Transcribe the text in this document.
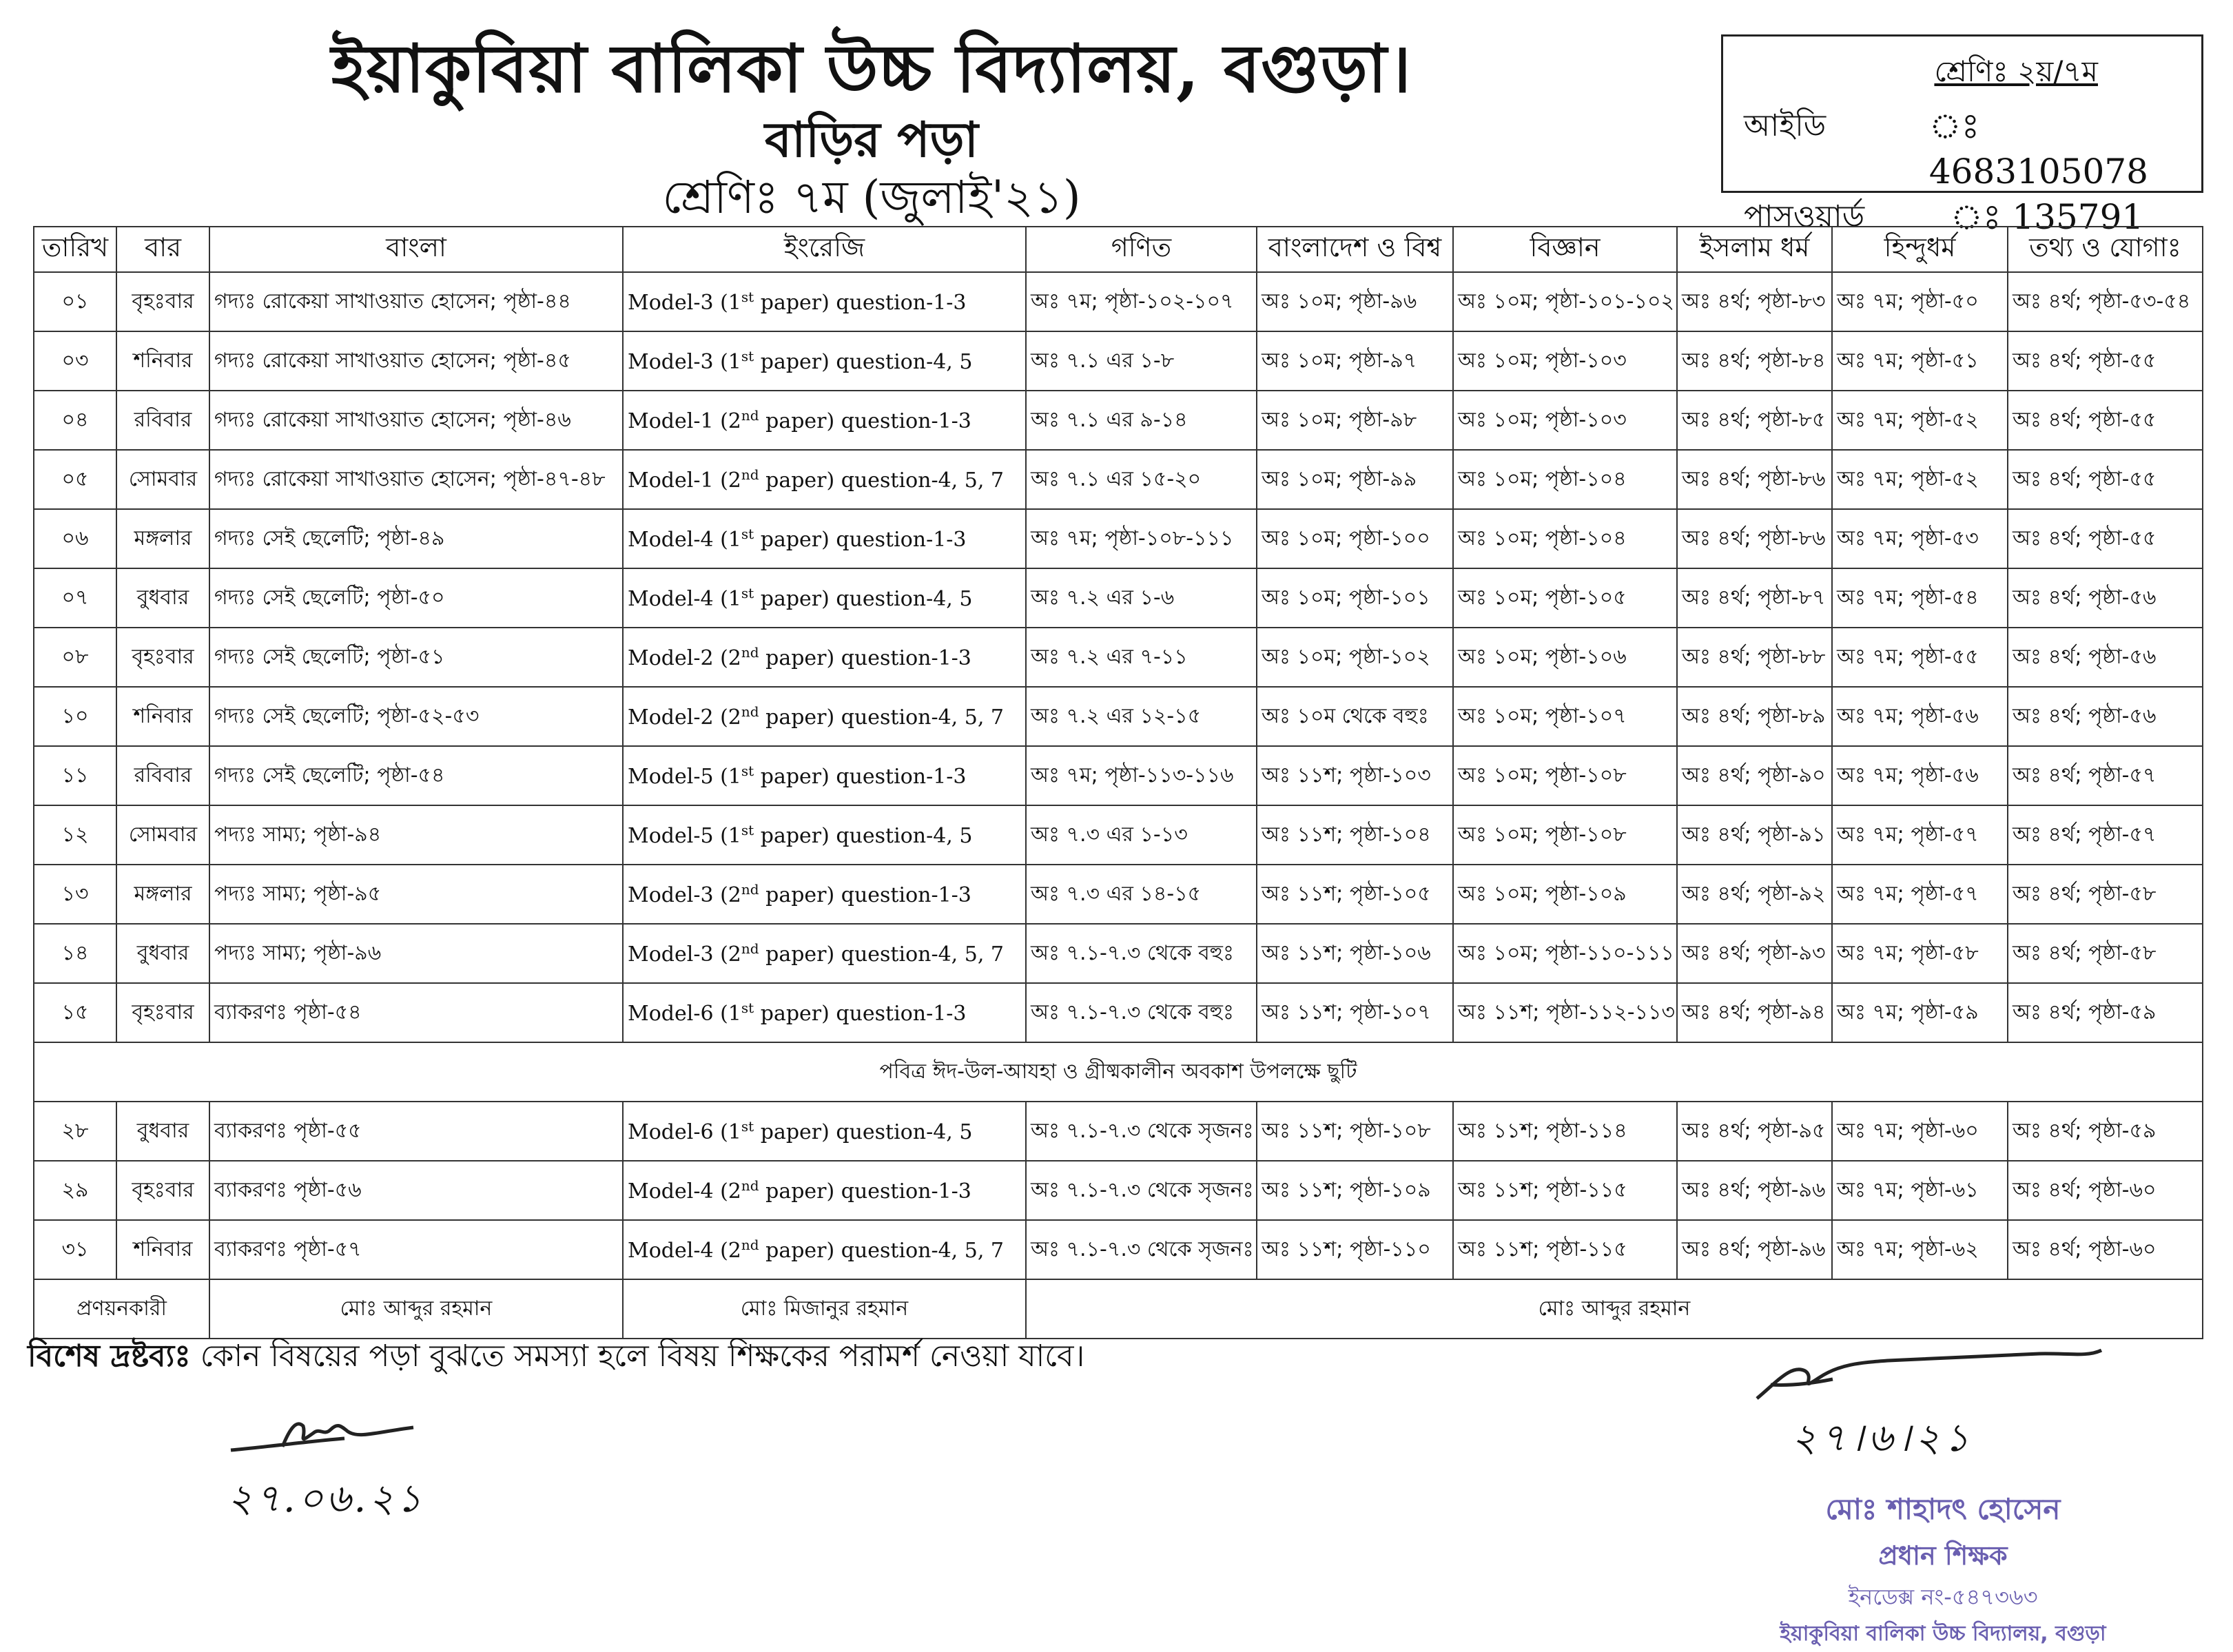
ইয়াকুবিয়া বালিকা উচ্চ বিদ্যালয়, বগুড়া।
বাড়ির পড়া
শ্রেণিঃ ৭ম (জুলাই'২১)
শ্রেণিঃ ২য়/৭ম
আইডি	ঃ 4683105078
পাসওয়ার্ড	ঃ 135791
তারিখ	বার	বাংলা	ইংরেজি	গণিত	বাংলাদেশ ও বিশ্ব	বিজ্ঞান	ইসলাম ধর্ম	হিন্দুধর্ম	তথ্য ও যোগাঃ
০১	বৃহঃবার	গদ্যঃ রোকেয়া সাখাওয়াত হোসেন; পৃষ্ঠা-৪৪	Model-3 (1st paper) question-1-3	অঃ ৭ম; পৃষ্ঠা-১০২-১০৭	অঃ ১০ম; পৃষ্ঠা-৯৬	অঃ ১০ম; পৃষ্ঠা-১০১-১০২	অঃ ৪র্থ; পৃষ্ঠা-৮৩	অঃ ৭ম; পৃষ্ঠা-৫০	অঃ ৪র্থ; পৃষ্ঠা-৫৩-৫৪
০৩	শনিবার	গদ্যঃ রোকেয়া সাখাওয়াত হোসেন; পৃষ্ঠা-৪৫	Model-3 (1st paper) question-4, 5	অঃ ৭.১ এর ১-৮	অঃ ১০ম; পৃষ্ঠা-৯৭	অঃ ১০ম; পৃষ্ঠা-১০৩	অঃ ৪র্থ; পৃষ্ঠা-৮৪	অঃ ৭ম; পৃষ্ঠা-৫১	অঃ ৪র্থ; পৃষ্ঠা-৫৫
০৪	রবিবার	গদ্যঃ রোকেয়া সাখাওয়াত হোসেন; পৃষ্ঠা-৪৬	Model-1 (2nd paper) question-1-3	অঃ ৭.১ এর ৯-১৪	অঃ ১০ম; পৃষ্ঠা-৯৮	অঃ ১০ম; পৃষ্ঠা-১০৩	অঃ ৪র্থ; পৃষ্ঠা-৮৫	অঃ ৭ম; পৃষ্ঠা-৫২	অঃ ৪র্থ; পৃষ্ঠা-৫৫
০৫	সোমবার	গদ্যঃ রোকেয়া সাখাওয়াত হোসেন; পৃষ্ঠা-৪৭-৪৮	Model-1 (2nd paper) question-4, 5, 7	অঃ ৭.১ এর ১৫-২০	অঃ ১০ম; পৃষ্ঠা-৯৯	অঃ ১০ম; পৃষ্ঠা-১০৪	অঃ ৪র্থ; পৃষ্ঠা-৮৬	অঃ ৭ম; পৃষ্ঠা-৫২	অঃ ৪র্থ; পৃষ্ঠা-৫৫
০৬	মঙ্গলার	গদ্যঃ সেই ছেলেটি; পৃষ্ঠা-৪৯	Model-4 (1st paper) question-1-3	অঃ ৭ম; পৃষ্ঠা-১০৮-১১১	অঃ ১০ম; পৃষ্ঠা-১০০	অঃ ১০ম; পৃষ্ঠা-১০৪	অঃ ৪র্থ; পৃষ্ঠা-৮৬	অঃ ৭ম; পৃষ্ঠা-৫৩	অঃ ৪র্থ; পৃষ্ঠা-৫৫
০৭	বুধবার	গদ্যঃ সেই ছেলেটি; পৃষ্ঠা-৫০	Model-4 (1st paper) question-4, 5	অঃ ৭.২ এর ১-৬	অঃ ১০ম; পৃষ্ঠা-১০১	অঃ ১০ম; পৃষ্ঠা-১০৫	অঃ ৪র্থ; পৃষ্ঠা-৮৭	অঃ ৭ম; পৃষ্ঠা-৫৪	অঃ ৪র্থ; পৃষ্ঠা-৫৬
০৮	বৃহঃবার	গদ্যঃ সেই ছেলেটি; পৃষ্ঠা-৫১	Model-2 (2nd paper) question-1-3	অঃ ৭.২ এর ৭-১১	অঃ ১০ম; পৃষ্ঠা-১০২	অঃ ১০ম; পৃষ্ঠা-১০৬	অঃ ৪র্থ; পৃষ্ঠা-৮৮	অঃ ৭ম; পৃষ্ঠা-৫৫	অঃ ৪র্থ; পৃষ্ঠা-৫৬
১০	শনিবার	গদ্যঃ সেই ছেলেটি; পৃষ্ঠা-৫২-৫৩	Model-2 (2nd paper) question-4, 5, 7	অঃ ৭.২ এর ১২-১৫	অঃ ১০ম থেকে বহুঃ	অঃ ১০ম; পৃষ্ঠা-১০৭	অঃ ৪র্থ; পৃষ্ঠা-৮৯	অঃ ৭ম; পৃষ্ঠা-৫৬	অঃ ৪র্থ; পৃষ্ঠা-৫৬
১১	রবিবার	গদ্যঃ সেই ছেলেটি; পৃষ্ঠা-৫৪	Model-5 (1st paper) question-1-3	অঃ ৭ম; পৃষ্ঠা-১১৩-১১৬	অঃ ১১শ; পৃষ্ঠা-১০৩	অঃ ১০ম; পৃষ্ঠা-১০৮	অঃ ৪র্থ; পৃষ্ঠা-৯০	অঃ ৭ম; পৃষ্ঠা-৫৬	অঃ ৪র্থ; পৃষ্ঠা-৫৭
১২	সোমবার	পদ্যঃ সাম্য; পৃষ্ঠা-৯৪	Model-5 (1st paper) question-4, 5	অঃ ৭.৩ এর ১-১৩	অঃ ১১শ; পৃষ্ঠা-১০৪	অঃ ১০ম; পৃষ্ঠা-১০৮	অঃ ৪র্থ; পৃষ্ঠা-৯১	অঃ ৭ম; পৃষ্ঠা-৫৭	অঃ ৪র্থ; পৃষ্ঠা-৫৭
১৩	মঙ্গলার	পদ্যঃ সাম্য; পৃষ্ঠা-৯৫	Model-3 (2nd paper) question-1-3	অঃ ৭.৩ এর ১৪-১৫	অঃ ১১শ; পৃষ্ঠা-১০৫	অঃ ১০ম; পৃষ্ঠা-১০৯	অঃ ৪র্থ; পৃষ্ঠা-৯২	অঃ ৭ম; পৃষ্ঠা-৫৭	অঃ ৪র্থ; পৃষ্ঠা-৫৮
১৪	বুধবার	পদ্যঃ সাম্য; পৃষ্ঠা-৯৬	Model-3 (2nd paper) question-4, 5, 7	অঃ ৭.১-৭.৩ থেকে বহুঃ	অঃ ১১শ; পৃষ্ঠা-১০৬	অঃ ১০ম; পৃষ্ঠা-১১০-১১১	অঃ ৪র্থ; পৃষ্ঠা-৯৩	অঃ ৭ম; পৃষ্ঠা-৫৮	অঃ ৪র্থ; পৃষ্ঠা-৫৮
১৫	বৃহঃবার	ব্যাকরণঃ পৃষ্ঠা-৫৪	Model-6 (1st paper) question-1-3	অঃ ৭.১-৭.৩ থেকে বহুঃ	অঃ ১১শ; পৃষ্ঠা-১০৭	অঃ ১১শ; পৃষ্ঠা-১১২-১১৩	অঃ ৪র্থ; পৃষ্ঠা-৯৪	অঃ ৭ম; পৃষ্ঠা-৫৯	অঃ ৪র্থ; পৃষ্ঠা-৫৯
পবিত্র ঈদ-উল-আযহা ও গ্রীষ্মকালীন অবকাশ উপলক্ষে ছুটি									
২৮	বুধবার	ব্যাকরণঃ পৃষ্ঠা-৫৫	Model-6 (1st paper) question-4, 5	অঃ ৭.১-৭.৩ থেকে সৃজনঃ	অঃ ১১শ; পৃষ্ঠা-১০৮	অঃ ১১শ; পৃষ্ঠা-১১৪	অঃ ৪র্থ; পৃষ্ঠা-৯৫	অঃ ৭ম; পৃষ্ঠা-৬০	অঃ ৪র্থ; পৃষ্ঠা-৫৯
২৯	বৃহঃবার	ব্যাকরণঃ পৃষ্ঠা-৫৬	Model-4 (2nd paper) question-1-3	অঃ ৭.১-৭.৩ থেকে সৃজনঃ	অঃ ১১শ; পৃষ্ঠা-১০৯	অঃ ১১শ; পৃষ্ঠা-১১৫	অঃ ৪র্থ; পৃষ্ঠা-৯৬	অঃ ৭ম; পৃষ্ঠা-৬১	অঃ ৪র্থ; পৃষ্ঠা-৬০
৩১	শনিবার	ব্যাকরণঃ পৃষ্ঠা-৫৭	Model-4 (2nd paper) question-4, 5, 7	অঃ ৭.১-৭.৩ থেকে সৃজনঃ	অঃ ১১শ; পৃষ্ঠা-১১০	অঃ ১১শ; পৃষ্ঠা-১১৫	অঃ ৪র্থ; পৃষ্ঠা-৯৬	অঃ ৭ম; পৃষ্ঠা-৬২	অঃ ৪র্থ; পৃষ্ঠা-৬০
প্রণয়নকারী		মোঃ আব্দুর রহমান	মোঃ মিজানুর রহমান	মোঃ আব্দুর রহমান					
বিশেষ দ্রষ্টব্যঃ কোন বিষয়ের পড়া বুঝতে সমস্যা হলে বিষয় শিক্ষকের পরামর্শ নেওয়া যাবে।
২৭.০৬.২১
২৭।৬।২১
মোঃ শাহাদৎ হোসেন
প্রধান শিক্ষক
ইনডেক্স নং-৫৪৭৩৬৩
ইয়াকুবিয়া বালিকা উচ্চ বিদ্যালয়, বগুড়া
